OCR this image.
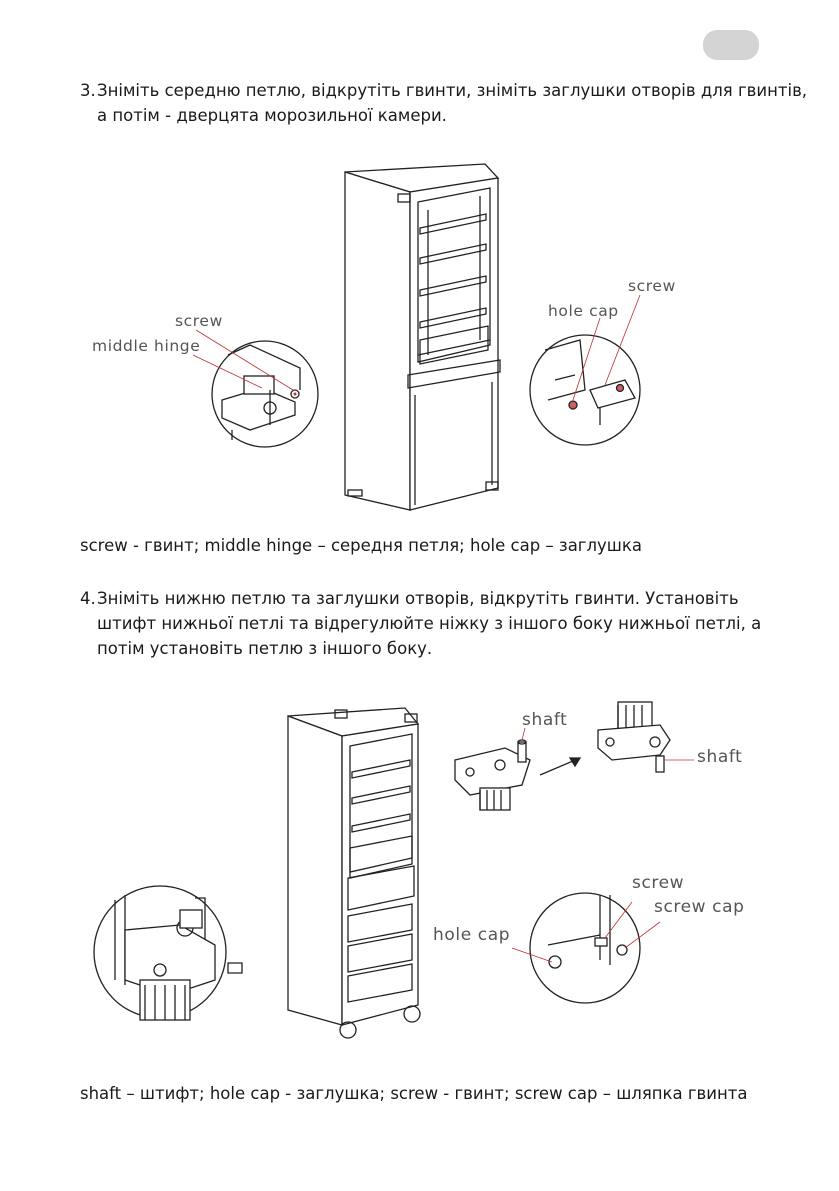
3. Зніміть середню петлю, відкрутіть гвинти, зніміть заглушки отворів для гвинтів,
а потім - дверцята морозильної камери.
screw
middle hinge
screw
hole cap
screw - гвинт; middle hinge – середня петля; hole cap – заглушка
4. Зніміть нижню петлю та заглушки отворів, відкрутіть гвинти. Установіть
штифт нижньої петлі та відрегулюйте ніжку з іншого боку нижньої петлі, а
потім установіть петлю з іншого боку.
shaft
shaft
screw
screw cap
hole cap
shaft – штифт; hole cap - заглушка; screw - гвинт; screw cap – шляпка гвинта
